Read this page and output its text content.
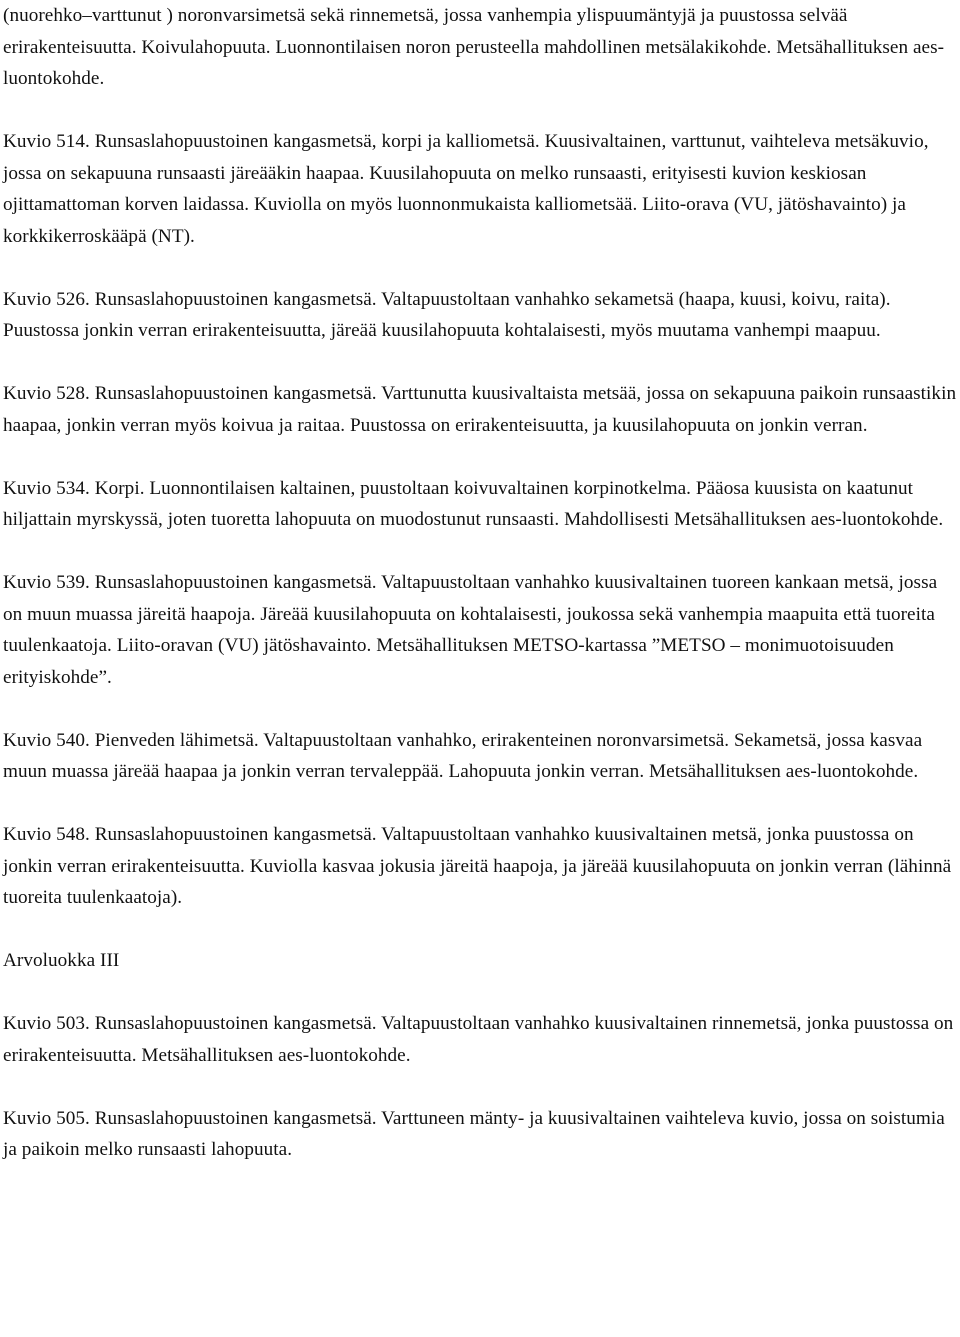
(nuorehko–varttunut ) noronvarsimetsä sekä rinnemetsä, jossa vanhempia ylispuumäntyjä ja puustossa selvää erirakenteisuutta. Koivulahopuuta. Luonnontilaisen noron perusteella mahdollinen metsälakikohde. Metsähallituksen aes-luontokohde.

Kuvio 514. Runsaslahopuustoinen kangasmetsä, korpi ja kalliometsä. Kuusivaltainen, varttunut, vaihteleva metsäkuvio, jossa on sekapuuna runsaasti järeääkin haapaa. Kuusilahopuuta on melko runsaasti, erityisesti kuvion keskiosan ojittamattoman korven laidassa. Kuviolla on myös luonnonmukaista kalliometsää. Liito-orava (VU, jätöshavainto) ja korkkikerroskääpä (NT).

Kuvio 526. Runsaslahopuustoinen kangasmetsä. Valtapuustoltaan vanhahko sekametsä (haapa, kuusi, koivu, raita). Puustossa jonkin verran erirakenteisuutta, järeää kuusilahopuuta kohtalaisesti, myös muutama vanhempi maapuu.

Kuvio 528. Runsaslahopuustoinen kangasmetsä. Varttunutta kuusivaltaista metsää, jossa on sekapuuna paikoin runsaastikin haapaa, jonkin verran myös koivua ja raitaa. Puustossa on erirakenteisuutta, ja kuusilahopuuta on jonkin verran.

Kuvio 534. Korpi. Luonnontilaisen kaltainen, puustoltaan koivuvaltainen korpinotkelma. Pääosa kuusista on kaatunut hiljattain myrskyssä, joten tuoretta lahopuuta on muodostunut runsaasti. Mahdollisesti Metsähallituksen aes-luontokohde.

Kuvio 539. Runsaslahopuustoinen kangasmetsä. Valtapuustoltaan vanhahko kuusivaltainen tuoreen kankaan metsä, jossa on muun muassa järeitä haapoja. Järeää kuusilahopuuta on kohtalaisesti, joukossa sekä vanhempia maapuita että tuoreita tuulenkaatoja. Liito-oravan (VU) jätöshavainto. Metsähallituksen METSO-kartassa ”METSO – monimuotoisuuden erityiskohde”.

Kuvio 540. Pienveden lähimetsä. Valtapuustoltaan vanhahko, erirakenteinen noronvarsimetsä. Sekametsä, jossa kasvaa muun muassa järeää haapaa ja jonkin verran tervaleppää. Lahopuuta jonkin verran. Metsähallituksen aes-luontokohde.

Kuvio 548. Runsaslahopuustoinen kangasmetsä. Valtapuustoltaan vanhahko kuusivaltainen metsä, jonka puustossa on jonkin verran erirakenteisuutta. Kuviolla kasvaa jokusia järeitä haapoja, ja järeää kuusilahopuuta on jonkin verran (lähinnä tuoreita tuulenkaatoja).

Arvoluokka III

Kuvio 503. Runsaslahopuustoinen kangasmetsä. Valtapuustoltaan vanhahko kuusivaltainen rinnemetsä, jonka puustossa on erirakenteisuutta. Metsähallituksen aes-luontokohde.

Kuvio 505. Runsaslahopuustoinen kangasmetsä. Varttuneen mänty- ja kuusivaltainen vaihteleva kuvio, jossa on soistumia ja paikoin melko runsaasti lahopuuta.
